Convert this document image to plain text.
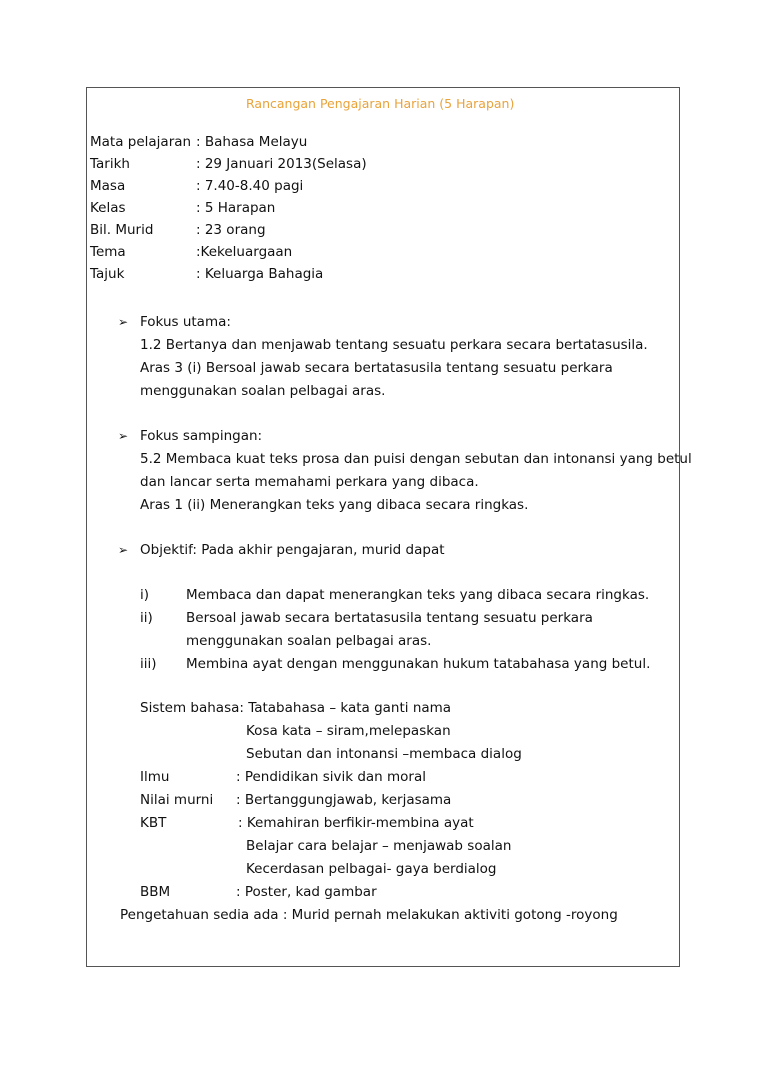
Rancangan Pengajaran Harian (5 Harapan)
Mata pelajaran : Bahasa Melayu
Tarikh	: 29 Januari 2013(Selasa)
Masa	: 7.40-8.40 pagi
Kelas	: 5 Harapan
Bil. Murid	: 23 orang
Tema	:Kekeluargaan
Tajuk	: Keluarga Bahagia
➢ Fokus utama:
1.2 Bertanya dan menjawab tentang sesuatu perkara secara bertatasusila.
Aras 3 (i) Bersoal jawab secara bertatasusila tentang sesuatu perkara
menggunakan soalan pelbagai aras.
➢ Fokus sampingan:
5.2 Membaca kuat teks prosa dan puisi dengan sebutan dan intonansi yang betul
dan lancar serta memahami perkara yang dibaca.
Aras 1 (ii) Menerangkan teks yang dibaca secara ringkas.
➢ Objektif: Pada akhir pengajaran, murid dapat
i)	Membaca dan dapat menerangkan teks yang dibaca secara ringkas.
ii) Bersoal jawab secara bertatasusila tentang sesuatu perkara
menggunakan soalan pelbagai aras.
iii) Membina ayat dengan menggunakan hukum tatabahasa yang betul.
Sistem bahasa: Tatabahasa – kata ganti nama
Kosa kata – siram,melepaskan
Sebutan dan intonansi –membaca dialog
Ilmu	: Pendidikan sivik dan moral
Nilai murni : Bertanggungjawab, kerjasama
KBT	: Kemahiran berfikir-membina ayat
Belajar cara belajar – menjawab soalan
Kecerdasan pelbagai- gaya berdialog
BBM	: Poster, kad gambar
Pengetahuan sedia ada : Murid pernah melakukan aktiviti gotong -royong
